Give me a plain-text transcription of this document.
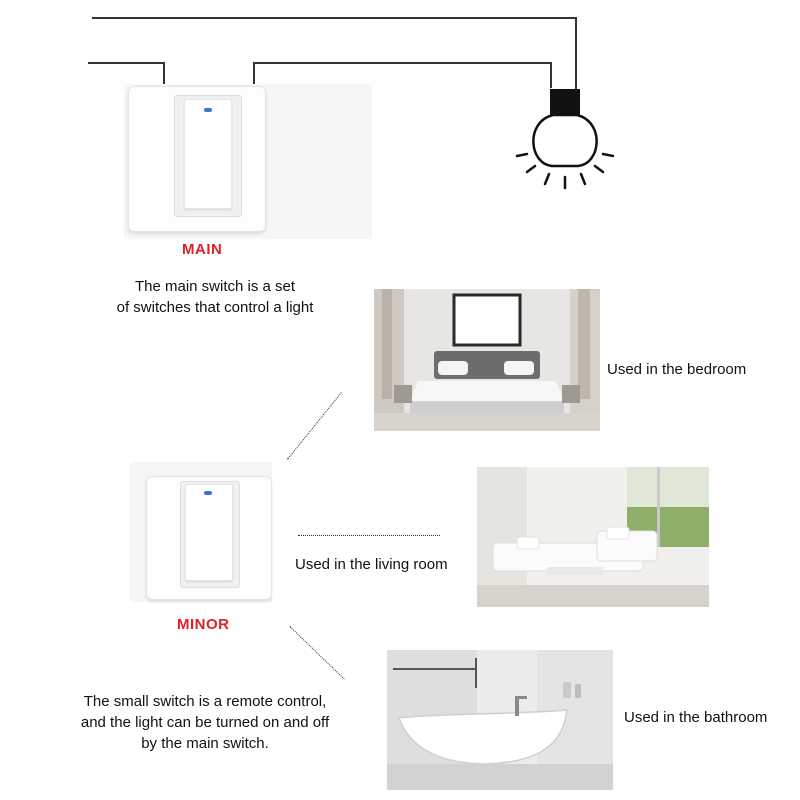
MAIN
The main switch is a set
of switches that control a light
MINOR
The small switch is a remote control,
and the light can be turned on and off
by the main switch.
Used in the bedroom
Used in the living room
Used in the bathroom
